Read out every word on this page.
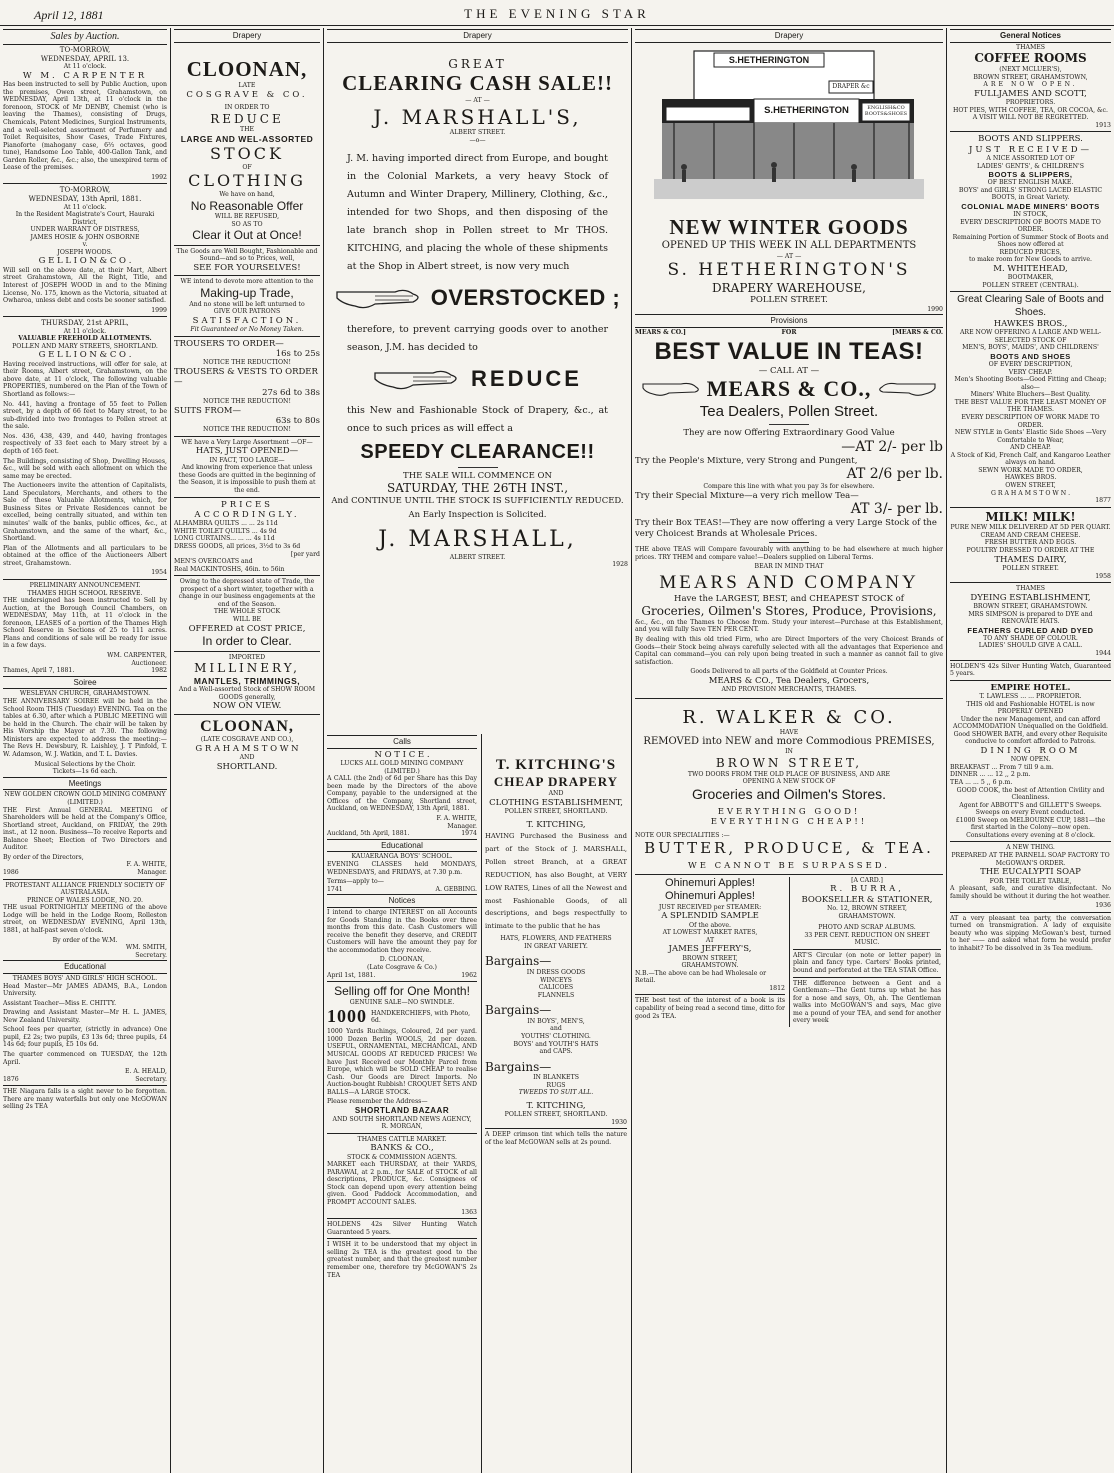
April 12, 1881	THE EVENING STAR
Sales by Auction.
TO-MORROW,
WEDNESDAY, APRIL 13.
At 11 o'clock.
W M. CARPENTER

Has been instructed to sell by Public Auction, upon the premises, Owen street, Grahamstown, on WEDNESDAY, April 13th, at 11 o'clock in the forenoon, STOCK of Mr DENBY, Chemist (who is leaving the Thames), consisting of Drugs, Chemicals, Patent Medicines, Surgical Instruments, and a well-selected assortment of Perfumery and Toilet Requisites, Show Cases, Trade Fixtures, Pianoforte (mahogany case, 6⅔ octaves, good tune), Handsome Loo Table, 400-Gallon Tank, and Garden Roller, &c., &c.; also, the unexpired term of Lease of the premises.

1992
TO-MORROW,
WEDNESDAY, 13th April, 1881.
At 11 o'clock.
In the Resident Magistrate's Court, Hauraki District,
UNDER WARRANT OF DISTRESS,
JAMES HOSIE & JOHN OSBORNE
v.
JOSEPH WOODS.
G E L L I O N & C O .

Will sell on the above date, at their Mart, Albert street Grahamstown, All the Right, Title, and Interest of JOSEPH WOOD in and to the Mining License, No. 175, known as the Victoria, situated at Owharoa, unless debt and costs be sooner satisfied.

1999
THURSDAY, 21st APRIL,
At 11 o'clock.
VALUABLE FREEHOLD ALLOTMENTS.
POLLEN AND MARY STREETS, SHORTLAND.
G E L L I O N & C O .

Having received instructions, will offer for sale, at their Rooms, Albert street, Grahamstown, on the above date, at 11 o'clock, The following valuable PROPERTIES, numbered on the Plan of the Town of Shortland as follows:—

No. 441, having a frontage of 55 feet to Pollen street, by a depth of 66 feet to Mary street, to be sub-divided into two frontages to Pollen street at the sale.

Nos. 436, 438, 439, and 440, having frontages respectively of 33 feet each to Mary street by a depth of 165 feet.

The Buildings, consisting of Shop, Dwelling Houses, &c., will be sold with each allotment on which the same may be erected.

The Auctioneers invite the attention of Capitalists, Land Speculators, Merchants, and others to the Sale of these Valuable Allotments, which, for Business Sites or Private Residences cannot be excelled, being centrally situated, and within ten minutes' walk of the banks, public offices, &c., at Grahamstown, and the same of the wharf, &c., Shortland.

Plan of the Allotments and all particulars to be obtained at the office of the Auctioneers Albert street, Grahamstown.

1954
PRELIMINARY ANNOUNCEMENT.
THAMES HIGH SCHOOL RESERVE.

THE undersigned has been instructed to Sell by Auction, at the Borough Council Chambers, on WEDNESDAY, May 11th, at 11 o'clock in the forenoon, LEASES of a portion of the Thames High School Reserve in Sections of 25 to 111 acres. Plans and conditions of sale will be ready for issue in a few days.

WM. CARPENTER,
Auctioneer.
Thames, April 7, 1881.	1982
Soiree
WESLEYAN CHURCH, GRAHAMSTOWN.

THE ANNIVERSARY SOIREE will be held in the School Room THIS (Tuesday) EVENING. Tea on the tables at 6.30, after which a PUBLIC MEETING will be held in the Church. The chair will be taken by His Worship the Mayor at 7.30. The following Ministers are expected to address the meeting:—The Revs H. Dewsbury, R. Laishley, J. T Pinfold, T. W. Adamson, W. J. Watkin, and T. L. Davies.

Musical Selections by the Choir.
Tickets—1s 6d each.
Meetings
NEW GOLDEN CROWN GOLD MINING COMPANY (LIMITED.)

THE First Annual GENERAL MEETING of Shareholders will be held at the Company's Office, Shortland street, Auckland, on FRIDAY, the 29th inst., at 12 noon. Business—To receive Reports and Balance Sheet; Election of Two Directors and Auditor.

By order of the Directors,
F. A. WHITE,
1986	Manager.
PROTESTANT ALLIANCE FRIENDLY SOCIETY OF AUSTRALASIA.
PRINCE OF WALES LODGE, NO. 20.

THE usual FORTNIGHTLY MEETING of the above Lodge will be held in the Lodge Room, Rolleston street, on WEDNESDAY EVENING, April 13th, 1881, at half-past seven o'clock.

By order of the W.M.
WM. SMITH,
Secretary.
Educational
THAMES BOYS' AND GIRLS' HIGH SCHOOL.

Head Master—Mr JAMES ADAMS, B.A., London University.

Assistant Teacher—Miss E. CHITTY.

Drawing and Assistant Master—Mr H. L. JAMES, New Zealand University.

School fees per quarter, (strictly in advance) One pupil, £2 2s; two pupils, £3 13s 6d; three pupils, £4 14s 6d; four pupils, £5 10s 6d.

The quarter commenced on TUESDAY, the 12th April.

E. A. HEALD,
1876	Secretary.

THE Niagara falls is a sight never to be forgotten. There are many waterfalls but only one McGOWAN selling 2s TEA

Drapery
CLOONAN,
LATE
COSGRAVE & CO.
IN ORDER TO
REDUCE
THE
LARGE AND WEL-ASSORTED
STOCK
OF
CLOTHING
We have on hand,
No Reasonable Offer
WILL BE REFUSED,
SO AS TO
Clear it Out at Once!
The Goods are Well Bought, Fashionable and Sound—and so to Prices, well,
SEE FOR YOURSELVES!
WE intend to devote more attention to the
Making-up Trade,
And no stone will be left unturned to
GIVE OUR PATRONS
SATISFACTION.
Fit Guaranteed or No Money Taken.
TROUSERS TO ORDER—
16s to 25s
NOTICE THE REDUCTION!
TROUSERS & VESTS TO ORDER—
27s 6d to 38s
NOTICE THE REDUCTION!
SUITS FROM—
63s to 80s
NOTICE THE REDUCTION!
WE have a Very Large Assortment —OF—
HATS, JUST OPENED—
IN FACT, TOO LARGE—
And knowing from experience that unless these Goods are quitted in the beginning of the Season, it is impossible to push them at the end.
PRICES ACCORDINGLY.
ALHAMBRA QUILTS ... ... 2s 11d
WHITE TOILET QUILTS ... 4s 9d
LONG CURTAINS... ... ... 4s 11d
DRESS GOODS, all prices, 3½d to 3s 6d
[per yard
MEN'S OVERCOATS and
Real MACKINTOSHS, 46in. to 56in
Owing to the depressed state of Trade, the prospect of a short winter, together with a change in our business engagements at the end of the Season.
THE WHOLE STOCK
WILL BE
OFFERED at COST PRICE,
In order to Clear.
IMPORTED
MILLINERY,
MANTLES, TRIMMINGS,
And a Well-assorted Stock of SHOW ROOM GOODS generally,
NOW ON VIEW.
CLOONAN,
(LATE COSGRAVE AND CO.),
G R A H A M S T O W N
AND
SHORTLAND.
Drapery
GREAT
CLEARING CASH SALE!!
— AT —
J. MARSHALL'S,
ALBERT STREET.
—o—

J. M. having imported direct from Europe, and bought in the Colonial Markets, a very heavy Stock of Autumn and Winter Drapery, Millinery, Clothing, &c., intended for two Shops, and then disposing of the late branch shop in Pollen street to Mr THOS. KITCHING, and placing the whole of these shipments at the Shop in Albert street, is now very much

OVERSTOCKED ;

therefore, to prevent carrying goods over to another season, J.M. has decided to

REDUCE

this New and Fashionable Stock of Drapery, &c., at once to such prices as will effect a

SPEEDY CLEARANCE!!
THE SALE WILL COMMENCE ON
SATURDAY, THE 26TH INST.,
And CONTINUE UNTIL THE STOCK IS SUFFICIENTLY REDUCED.
An Early Inspection is Solicited.
J. MARSHALL,
ALBERT STREET.
1928
Calls
N O T I C E .
LUCKS ALL GOLD MINING COMPANY (LIMITED.)

A CALL (the 2nd) of 6d per Share has this Day been made by the Directors of the above Company, payable to the undersigned at the Offices of the Company, Shortland street, Auckland, on WEDNESDAY, 13th April, 1881.

F. A. WHITE,
Manager.
Auckland, 5th April, 1881.	1974
Educational
KAUAERANGA BOYS' SCHOOL.

EVENING CLASSES held MONDAYS, WEDNESDAYS, and FRIDAYS, at 7.30 p.m.

Terms—apply to—
1741	A. GEBBING.
Notices

I intend to charge INTEREST on all Accounts for Goods Standing in the Books over three months from this date. Cash Customers will receive the benefit they deserve, and CREDIT Customers will have the amount they pay for the accommodation they receive.

D. CLOONAN,
(Late Cosgrave & Co.)
April 1st, 1881.	1962
Selling off for One Month!
GENUINE SALE—NO SWINDLE.
1000 HANDKERCHIEFS, with Photo, 6d.

1000 Yards Ruchings, Coloured, 2d per yard. 1000 Dozen Berlin WOOLS, 2d per dozen. USEFUL, ORNAMENTAL, MECHANICAL, AND MUSICAL GOODS AT REDUCED PRICES! We have Just Received our Monthly Parcel from Europe, which will be SOLD CHEAP to realise Cash. Our Goods are Direct Imports. No Auction-bought Rubbish! CROQUET SETS AND BALLS—A LARGE STOCK.

Please remember the Address—
SHORTLAND BAZAAR
AND SOUTH SHORTLAND NEWS AGENCY,
R. MORGAN,
THAMES CATTLE MARKET.
BANKS & CO.,
STOCK & COMMISSION AGENTS.

MARKET each THURSDAY, at their YARDS, PARAWAI, at 2 p.m., for SALE of STOCK of all descriptions, PRODUCE, &c. Consignees of Stock can depend upon every attention being given. Good Paddock Accommodation, and PROMPT ACCOUNT SALES.

1363

HOLDENS 42s Silver Hunting Watch Guaranteed 5 years.

I WISH it to be understood that my object in selling 2s TEA is the greatest good to the greatest number, and that the greatest number remember one, therefore try McGOWAN'S 2s TEA

T. KITCHING'S
CHEAP DRAPERY
AND
CLOTHING ESTABLISHMENT,
POLLEN STREET, SHORTLAND.
T. KITCHING,

HAVING Purchased the Business and part of the Stock of J. MARSHALL, Pollen street Branch, at a GREAT REDUCTION, has also Bought, at VERY LOW RATES, Lines of all the Newest and most Fashionable Goods, of all descriptions, and begs respectfully to intimate to the public that he has

HATS, FLOWERS, AND FEATHERS
IN GREAT VARIETY.
Bargains—
IN DRESS GOODS
WINCEYS
CALICOES
FLANNELS
Bargains—
IN BOYS', MEN'S,
and
YOUTHS' CLOTHING.
BOYS' and YOUTH'S HATS
and CAPS.
Bargains—
IN BLANKETS
RUGS
TWEEDS TO SUIT ALL.
T. KITCHING,
POLLEN STREET, SHORTLAND.
1930

A DEEP crimson tint which tells the nature of the leaf McGOWAN sells at 2s pound.

Drapery
S.HETHERINGTON
DRAPER &c
S.HETHERINGTON	ENGLISH&CO BOOTS&SHOES
NEW WINTER GOODS
OPENED UP THIS WEEK IN ALL DEPARTMENTS
— AT —
S. HETHERINGTON'S
DRAPERY WAREHOUSE,
POLLEN STREET.
1990
Provisions
MEARS & CO.]	FOR	[MEARS & CO.
BEST VALUE IN TEAS!
— CALL AT —
MEARS & CO.,
Tea Dealers, Pollen Street.
They are now Offering Extraordinary Good Value
—AT 2/- per lb
Try the People's Mixture, very Strong and Pungent,
AT 2/6 per lb.
Compare this line with what you pay 3s for elsewhere.
Try their Special Mixture—a very rich mellow Tea—
AT 3/- per lb.
Try their Box TEAS!—They are now offering a very Large Stock of the very Choicest Brands at Wholesale Prices.

THE above TEAS will Compare favourably with anything to be had elsewhere at much higher prices. TRY THEM and compare value!—Dealers supplied on Liberal Terms.

BEAR IN MIND THAT
MEARS AND COMPANY
Have the LARGEST, BEST, and CHEAPEST STOCK of
Groceries, Oilmen's Stores, Produce, Provisions,

&c., &c., on the Thames to Choose from. Study your interest—Purchase at this Establishment, and you will fully Save TEN PER CENT.

By dealing with this old tried Firm, who are Direct Importers of the very Choicest Brands of Goods—their Stock being always carefully selected with all the advantages that Experience and Capital can command—you can rely upon being treated in such a manner as cannot fail to give satisfaction.

Goods Delivered to all parts of the Goldfield at Counter Prices.
MEARS & CO., Tea Dealers, Grocers,
AND PROVISION MERCHANTS, THAMES.
R. WALKER & CO.
HAVE
REMOVED into NEW and more Commodious PREMISES,
IN
BROWN STREET,
TWO DOORS FROM THE OLD PLACE OF BUSINESS, AND ARE
OPENING A NEW STOCK OF
Groceries and Oilmen's Stores.
EVERYTHING GOOD!
EVERYTHING CHEAP!!
NOTE OUR SPECIALITIES :—
BUTTER, PRODUCE, & TEA.
WE CANNOT BE SURPASSED.
Ohinemuri Apples!
Ohinemuri Apples!
JUST RECEIVED per STEAMER:
A SPLENDID SAMPLE
Of the above.
AT LOWEST MARKET RATES,
AT
JAMES JEFFERY'S,
BROWN STREET,
GRAHAMSTOWN.
N.B.—The above can be had Wholesale or Retail.
1812

THE best test of the interest of a book is its capability of being read a second time, ditto for good 2s TEA.

[A CARD.]
R. BURRA,
BOOKSELLER & STATIONER,
No. 12, BROWN STREET,
GRAHAMSTOWN.
PHOTO AND SCRAP ALBUMS.
33 PER CENT. REDUCTION ON SHEET MUSIC.

ART'S Circular (on note or letter paper) in plain and fancy type. Carters' Books printed, bound and perforated at the TEA STAR Office.

THE difference between a Gent and a Gentleman:—The Gent turns up what he has for a nose and says, Oh, ah. The Gentleman walks into McGOWAN'S and says, Mac give me a pound of your TEA, and send for another every week

General Notices
THAMES
COFFEE ROOMS
(NEXT MCLUER'S),
BROWN STREET, GRAHAMSTOWN,
ARE NOW OPEN.
FULLJAMES AND SCOTT,
PROPRIETORS.
HOT PIES, WITH COFFEE, TEA, OR COCOA, &c.
A VISIT WILL NOT BE REGRETTED.
1913
BOOTS AND SLIPPERS.
JUST RECEIVED—
A NICE ASSORTED LOT OF
LADIES' GENTS', & CHILDREN'S
BOOTS & SLIPPERS,
OF BEST ENGLISH MAKE.
BOYS' and GIRLS' STRONG LACED ELASTIC BOOTS, in Great Variety.
COLONIAL MADE MINERS' BOOTS
IN STOCK,
EVERY DESCRIPTION OF BOOTS MADE TO ORDER.
Remaining Portion of Summer Stock of Boots and Shoes now offered at
REDUCED PRICES,
to make room for New Goods to arrive.
M. WHITEHEAD,
BOOTMAKER,
POLLEN STREET (CENTRAL).
Great Clearing Sale of Boots and Shoes.
HAWKES BROS.,
ARE NOW OFFERING A LARGE AND WELL-SELECTED STOCK OF
MEN'S, BOYS', MAIDS', AND CHILDRENS'
BOOTS AND SHOES
OF EVERY DESCRIPTION,
VERY CHEAP.
Men's Shooting Boots—Good Fitting and Cheap; also—
Miners' White Bluchers—Best Quality.
THE BEST VALUE FOR THE LEAST MONEY OF THE THAMES.
EVERY DESCRIPTION OF WORK MADE TO ORDER.
NEW STYLE in Gents' Elastic Side Shoes —Very Comfortable to Wear,
AND CHEAP.
A Stock of Kid, French Calf, and Kangaroo Leather always on hand.
SEWN WORK MADE TO ORDER,
HAWKES BROS.
OWEN STREET,
G R A H A M S T O W N .
1877
MILK! MILK!
PURE NEW MILK DELIVERED AT 5D PER QUART.
CREAM AND CREAM CHEESE.
FRESH BUTTER AND EGGS.
POULTRY DRESSED TO ORDER AT THE
THAMES DAIRY,
POLLEN STREET.
1958
THAMES
DYEING ESTABLISHMENT,
BROWN STREET, GRAHAMSTOWN.
MRS SIMPSON is prepared to DYE and RENOVATE HATS.
FEATHERS CURLED AND DYED
TO ANY SHADE OF COLOUR.
LADIES' SHOULD GIVE A CALL.
1944

HOLDEN'S 42s Silver Hunting Watch, Guaranteed 5 years.

EMPIRE HOTEL.
T. LAWLESS ... ... PROPRIETOR.
THIS old and Fashionable HOTEL is now
PROPERLY OPENED
Under the new Management, and can afford ACCOMMODATION Unequalled on the Goldfield.
Good SHOWER BATH, and every other Requisite conducive to comfort afforded to Patrons.
DINING ROOM
NOW OPEN.
BREAKFAST ... From 7 till 9 a.m.
DINNER ... ... 12 ,, 2 p.m.
TEA ... ... 5 ,, 6 p.m.
GOOD COOK, the best of Attention Civility and Cleanliness.
Agent for ABBOTT'S and GILLETT'S Sweeps.
Sweeps on every Event conducted.
£1000 Sweep on MELBOURNE CUP, 1881—the first started in the Colony—now open.
Consultations every evening at 8 o'clock.
A NEW THING.
PREPARED AT THE PARNELL SOAP FACTORY TO McGOWAN'S ORDER.
THE EUCALYPTI SOAP
FOR THE TOILET TABLE,

A pleasant, safe, and curative disinfectant. No family should be without it during the hot weather.

1936

AT a very pleasant tea party, the conversation turned on transmigration. A lady of exquisite beauty who was sipping McGowan's best, turned to her —— and asked what form he would prefer to inhabit? To be dissolved in 3s Tea medium.
